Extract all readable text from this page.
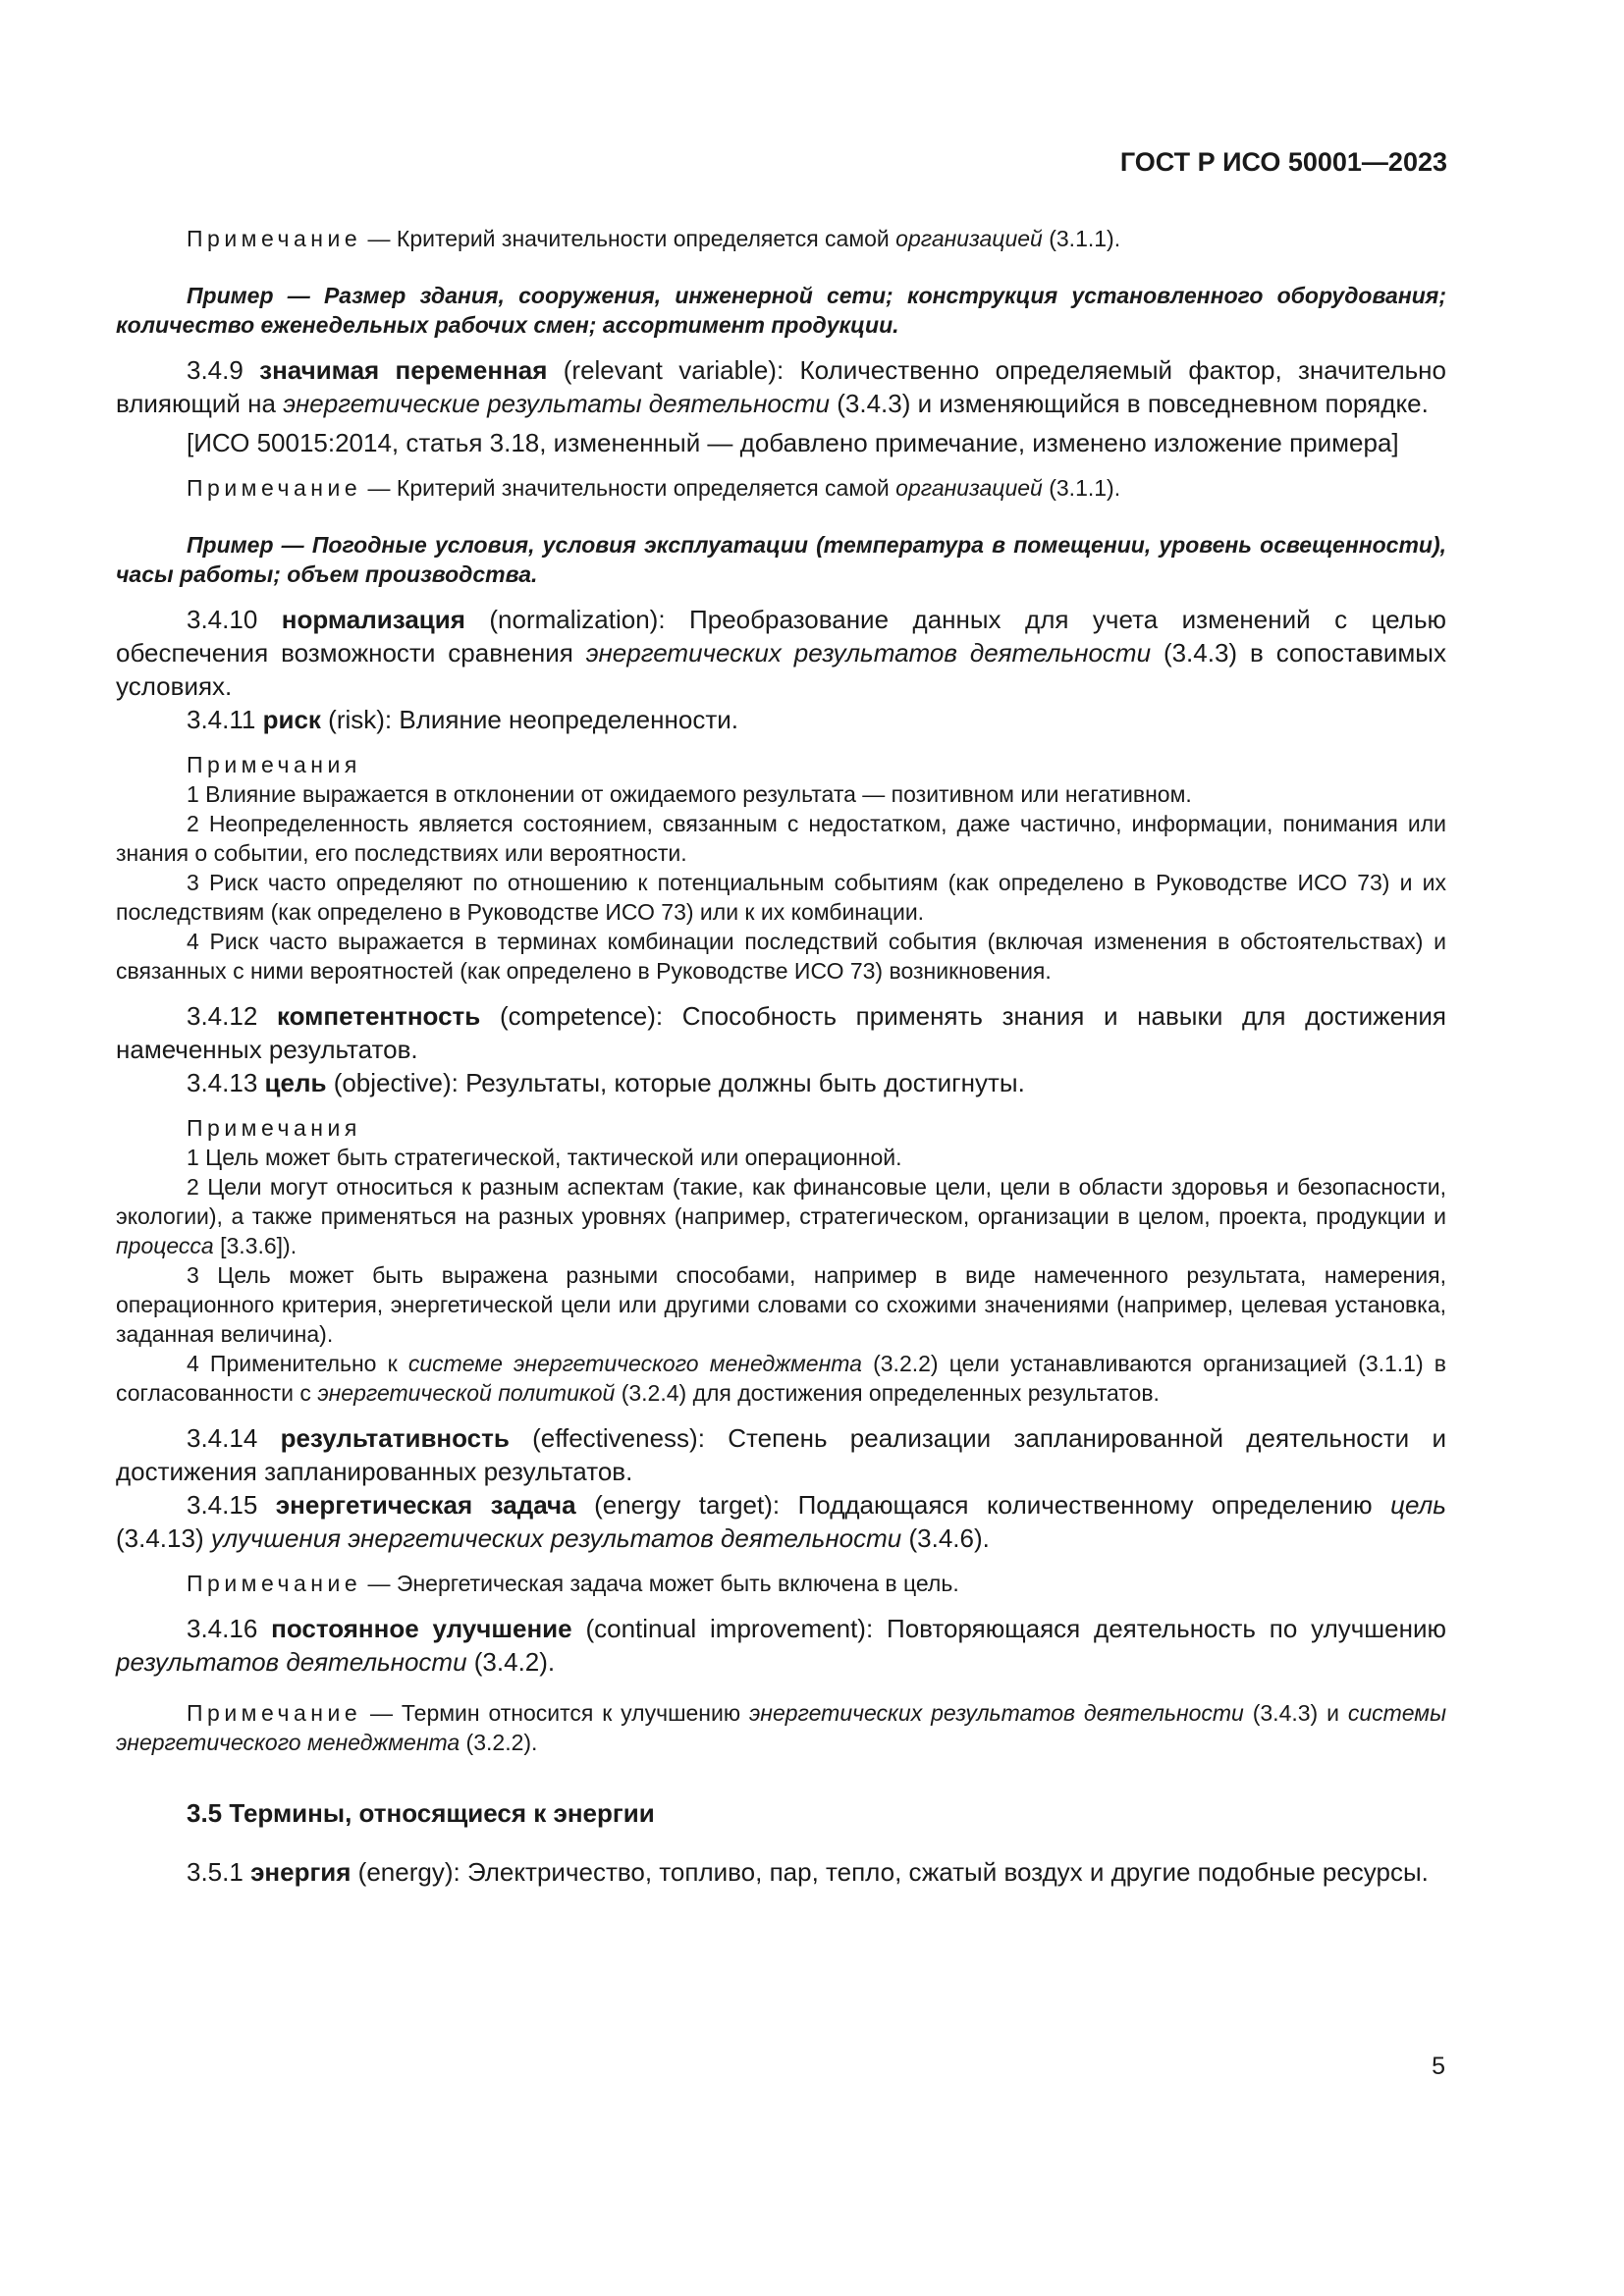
ГОСТ Р ИСО 50001—2023

Примечание — Критерий значительности определяется самой организацией (3.1.1).

Пример — Размер здания, сооружения, инженерной сети; конструкция установленного оборудования; количество еженедельных рабочих смен; ассортимент продукции.

3.4.9 значимая переменная (relevant variable): Количественно определяемый фактор, значительно влияющий на энергетические результаты деятельности (3.4.3) и изменяющийся в повседневном порядке.

[ИСО 50015:2014, статья 3.18, измененный — добавлено примечание, изменено изложение примера]

Примечание — Критерий значительности определяется самой организацией (3.1.1).

Пример — Погодные условия, условия эксплуатации (температура в помещении, уровень освещенности), часы работы; объем производства.

3.4.10 нормализация (normalization): Преобразование данных для учета изменений с целью обеспечения возможности сравнения энергетических результатов деятельности (3.4.3) в сопоставимых условиях.

3.4.11 риск (risk): Влияние неопределенности.

Примечания

1 Влияние выражается в отклонении от ожидаемого результата — позитивном или негативном.

2 Неопределенность является состоянием, связанным с недостатком, даже частично, информации, понимания или знания о событии, его последствиях или вероятности.

3 Риск часто определяют по отношению к потенциальным событиям (как определено в Руководстве ИСО 73) и их последствиям (как определено в Руководстве ИСО 73) или к их комбинации.

4 Риск часто выражается в терминах комбинации последствий события (включая изменения в обстоятельствах) и связанных с ними вероятностей (как определено в Руководстве ИСО 73) возникновения.

3.4.12 компетентность (competence): Способность применять знания и навыки для достижения намеченных результатов.

3.4.13 цель (objective): Результаты, которые должны быть достигнуты.

Примечания

1 Цель может быть стратегической, тактической или операционной.

2 Цели могут относиться к разным аспектам (такие, как финансовые цели, цели в области здоровья и безопасности, экологии), а также применяться на разных уровнях (например, стратегическом, организации в целом, проекта, продукции и процесса [3.3.6]).

3 Цель может быть выражена разными способами, например в виде намеченного результата, намерения, операционного критерия, энергетической цели или другими словами со схожими значениями (например, целевая установка, заданная величина).

4 Применительно к системе энергетического менеджмента (3.2.2) цели устанавливаются организацией (3.1.1) в согласованности с энергетической политикой (3.2.4) для достижения определенных результатов.

3.4.14 результативность (effectiveness): Степень реализации запланированной деятельности и достижения запланированных результатов.

3.4.15 энергетическая задача (energy target): Поддающаяся количественному определению цель (3.4.13) улучшения энергетических результатов деятельности (3.4.6).

Примечание — Энергетическая задача может быть включена в цель.

3.4.16 постоянное улучшение (continual improvement): Повторяющаяся деятельность по улучшению результатов деятельности (3.4.2).

Примечание — Термин относится к улучшению энергетических результатов деятельности (3.4.3) и системы энергетического менеджмента (3.2.2).

3.5 Термины, относящиеся к энергии

3.5.1 энергия (energy): Электричество, топливо, пар, тепло, сжатый воздух и другие подобные ресурсы.

5
